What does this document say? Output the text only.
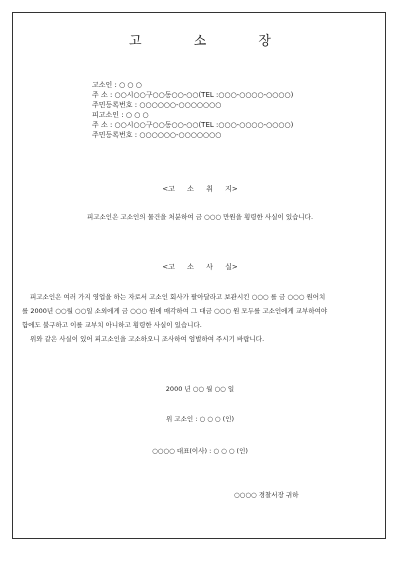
고	소	장
고소인 : ○ ○ ○
주 소 : ○○시○○구○○동○○-○○(TEL :○○○-○○○○-○○○○)
주민등록번호 : ○○○○○○-○○○○○○○
피고소인 : ○ ○ ○
주 소 : ○○시○○구○○동○○-○○(TEL :○○○-○○○○-○○○○)
주민등록번호 : ○○○○○○-○○○○○○○
<고 소 취 지>
피고소인은 고소인의 물건을 처분하여 금 ○○○ 만원을 횡령한 사실이 있습니다.
<고 소 사 실>
피고소인은 여러 가지 영업을 하는 자로서 고소인 회사가 팔아달라고 보관시킨 ○○○ 를 금 ○○○ 원어치
를 2000년 ○○월 ○○일 소외에게 금 ○○○ 원에 매각하여 그 대금 ○○○ 원 모두를 고소인에게 교부하여야
함에도 불구하고 이를 교부치 아니하고 횡령한 사실이 있습니다.
위와 같은 사실이 있어 피고소인을 고소하오니 조사하여 엄벌하여 주시기 바랍니다.
2000 년 ○○ 월 ○○ 일
위 고소인 : ○ ○ ○ (인)
○○○○ 대표(이사) : ○ ○ ○ (인)
○○○○ 경찰서장 귀하
